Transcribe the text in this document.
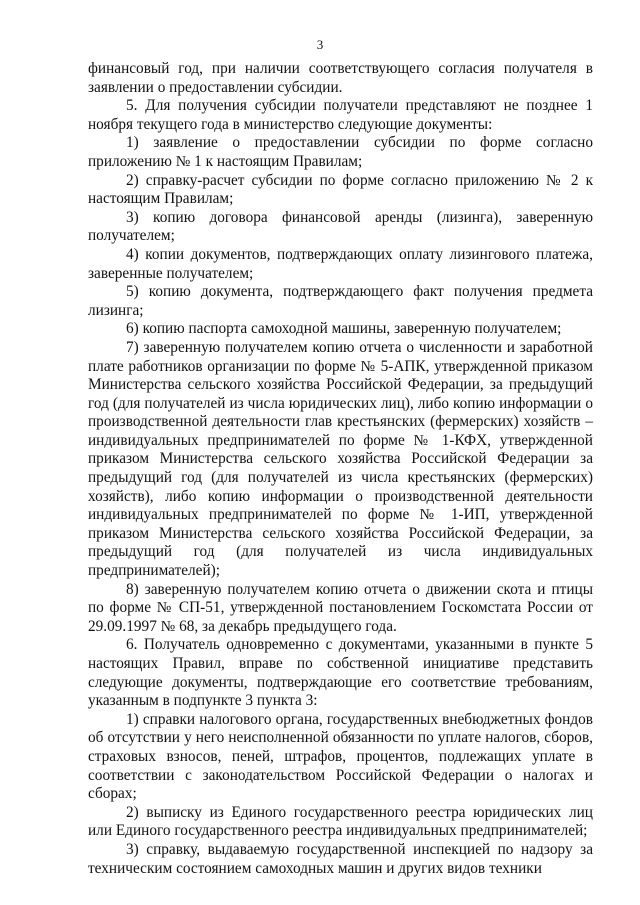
3

финансовый год, при наличии соответствующего согласия получателя в заявлении о предоставлении субсидии.

5. Для получения субсидии получатели представляют не позднее 1 ноября текущего года в министерство следующие документы:

1) заявление о предоставлении субсидии по форме согласно приложению № 1 к настоящим Правилам;

2) справку-расчет субсидии по форме согласно приложению № 2 к настоящим Правилам;

3) копию договора финансовой аренды (лизинга), заверенную получателем;

4) копии документов, подтверждающих оплату лизингового платежа, заверенные получателем;

5) копию документа, подтверждающего факт получения предмета лизинга;

6) копию паспорта самоходной машины, заверенную получателем;

7) заверенную получателем копию отчета о численности и заработной плате работников организации по форме № 5-АПК, утвержденной приказом Министерства сельского хозяйства Российской Федерации, за предыдущий год (для получателей из числа юридических лиц), либо копию информации о производственной деятельности глав крестьянских (фермерских) хозяйств – индивидуальных предпринимателей по форме № 1-КФХ, утвержденной приказом Министерства сельского хозяйства Российской Федерации за предыдущий год (для получателей из числа крестьянских (фермерских) хозяйств), либо копию информации о производственной деятельности индивидуальных предпринимателей по форме № 1-ИП, утвержденной приказом Министерства сельского хозяйства Российской Федерации, за предыдущий год (для получателей из числа индивидуальных предпринимателей);

8) заверенную получателем копию отчета о движении скота и птицы по форме № СП-51, утвержденной постановлением Госкомстата России от 29.09.1997 № 68, за декабрь предыдущего года.

6. Получатель одновременно с документами, указанными в пункте 5 настоящих Правил, вправе по собственной инициативе представить следующие документы, подтверждающие его соответствие требованиям, указанным в подпункте 3 пункта 3:

1) справки налогового органа, государственных внебюджетных фондов об отсутствии у него неисполненной обязанности по уплате налогов, сборов, страховых взносов, пеней, штрафов, процентов, подлежащих уплате в соответствии с законодательством Российской Федерации о налогах и сборах;

2) выписку из Единого государственного реестра юридических лиц или Единого государственного реестра индивидуальных предпринимателей;

3) справку, выдаваемую государственной инспекцией по надзору за техническим состоянием самоходных машин и других видов техники
